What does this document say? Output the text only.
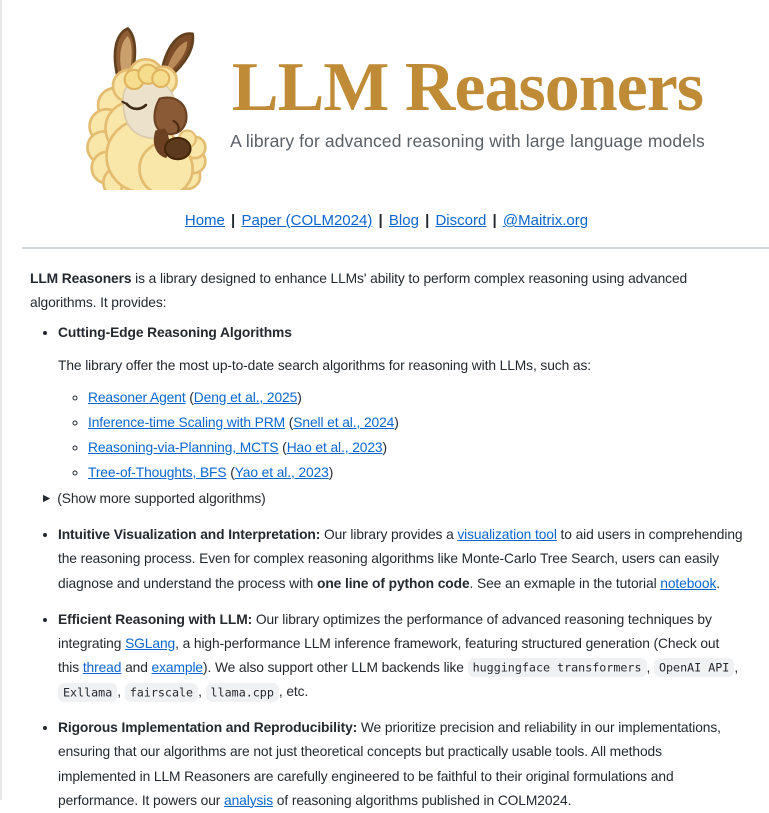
LLM Reasoners
A library for advanced reasoning with large language models
Home | Paper (COLM2024) | Blog | Discord | @Maitrix.org

LLM Reasoners is a library designed to enhance LLMs' ability to perform complex reasoning using advanced algorithms. It provides:

• Cutting-Edge Reasoning Algorithms

The library offer the most up-to-date search algorithms for reasoning with LLMs, such as:

◦ Reasoner Agent (Deng et al., 2025)
◦ Inference-time Scaling with PRM (Snell et al., 2024)
◦ Reasoning-via-Planning, MCTS (Hao et al., 2023)
◦ Tree-of-Thoughts, BFS (Yao et al., 2023)
▶ (Show more supported algorithms)
• Intuitive Visualization and Interpretation: Our library provides a visualization tool to aid users in comprehending the reasoning process. Even for complex reasoning algorithms like Monte-Carlo Tree Search, users can easily diagnose and understand the process with one line of python code. See an exmaple in the tutorial notebook.
• Efficient Reasoning with LLM: Our library optimizes the performance of advanced reasoning techniques by integrating SGLang, a high-performance LLM inference framework, featuring structured generation (Check out this thread and example). We also support other LLM backends like huggingface transformers , OpenAI API , Exllama , fairscale , llama.cpp , etc.
• Rigorous Implementation and Reproducibility: We prioritize precision and reliability in our implementations, ensuring that our algorithms are not just theoretical concepts but practically usable tools. All methods implemented in LLM Reasoners are carefully engineered to be faithful to their original formulations and performance. It powers our analysis of reasoning algorithms published in COLM2024.
